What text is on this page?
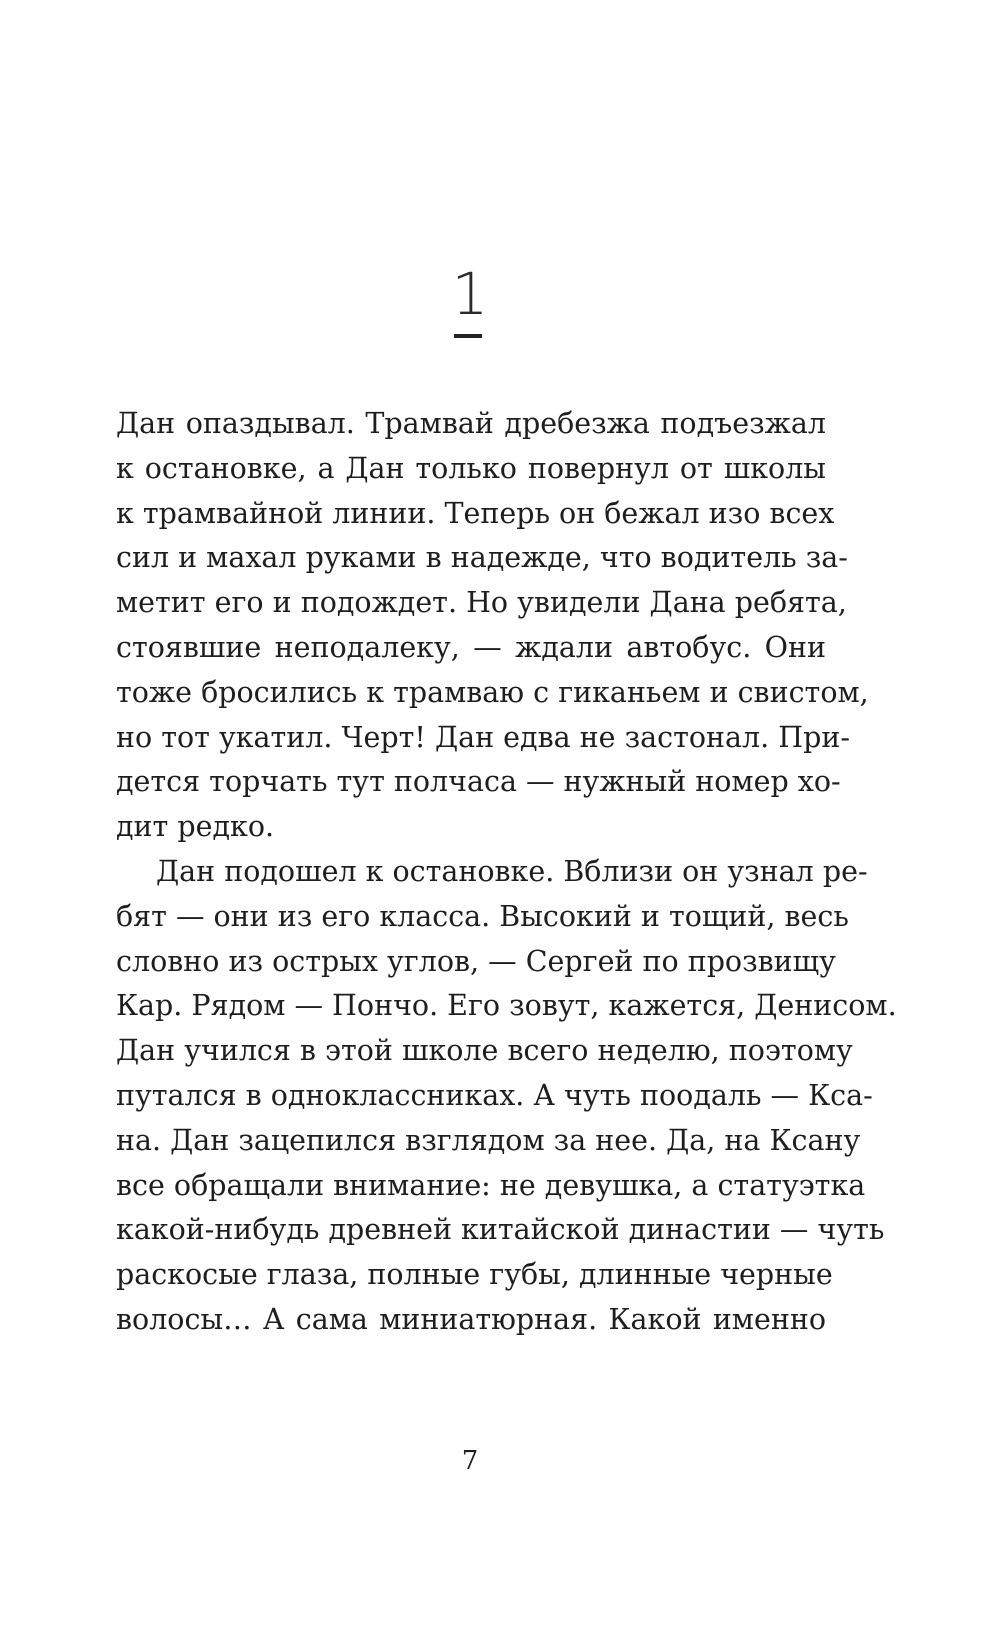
1
Дан опаздывал. Трамвай дребезжа подъезжал
к остановке, а Дан только повернул от школы
к трамвайной линии. Теперь он бежал изо всех
сил и махал руками в надежде, что водитель за-
метит его и подождет. Но увидели Дана ребята,
стоявшие неподалеку, — ждали автобус. Они
тоже бросились к трамваю с гиканьем и свистом,
но тот укатил. Черт! Дан едва не застонал. При-
дется торчать тут полчаса — нужный номер хо-
дит редко.
Дан подошел к остановке. Вблизи он узнал ре-
бят — они из его класса. Высокий и тощий, весь
словно из острых углов, — Сергей по прозвищу
Кар. Рядом — Пончо. Его зовут, кажется, Денисом.
Дан учился в этой школе всего неделю, поэтому
путался в одноклассниках. А чуть поодаль — Кса-
на. Дан зацепился взглядом за нее. Да, на Ксану
все обращали внимание: не девушка, а статуэтка
какой-нибудь древней китайской династии — чуть
раскосые глаза, полные губы, длинные черные
волосы… А сама миниатюрная. Какой именно
7
